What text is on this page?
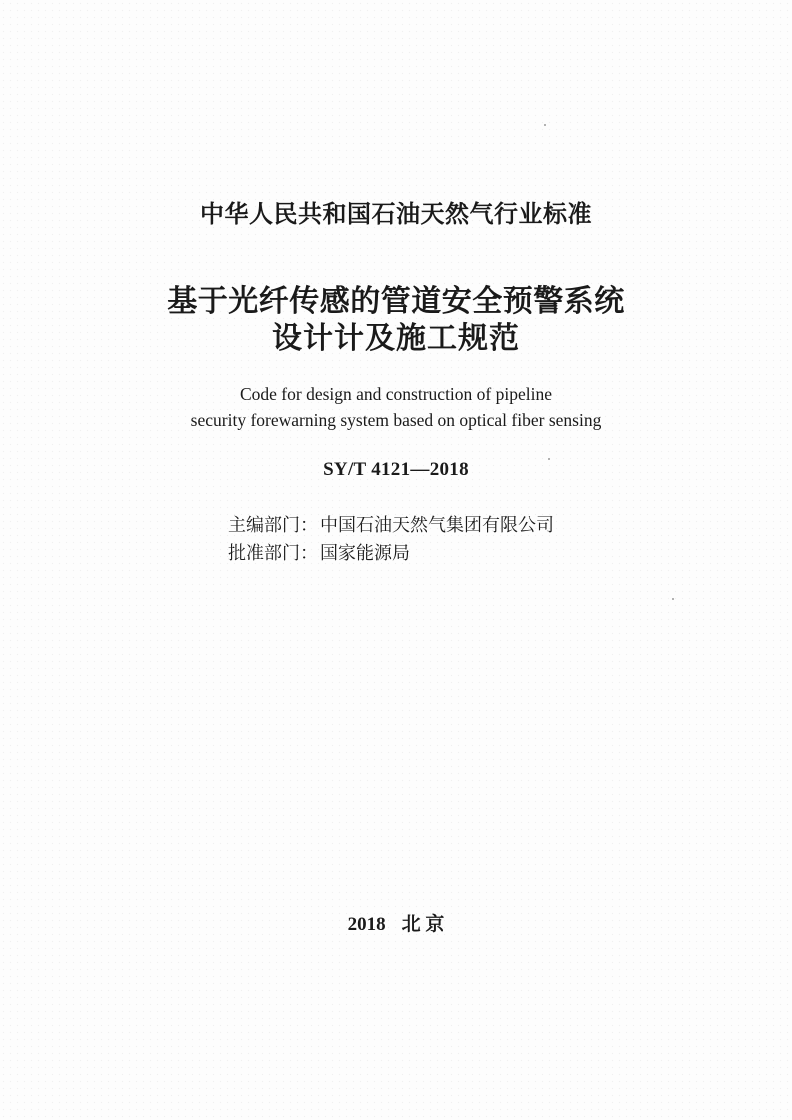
中华人民共和国石油天然气行业标准
基于光纤传感的管道安全预警系统
设计计及施工规范
Code for design and construction of pipeline
security forewarning system based on optical fiber sensing
SY/T 4121—2018
主编部门： 中国石油天然气集团有限公司
批准部门： 国家能源局
2018 北 京
